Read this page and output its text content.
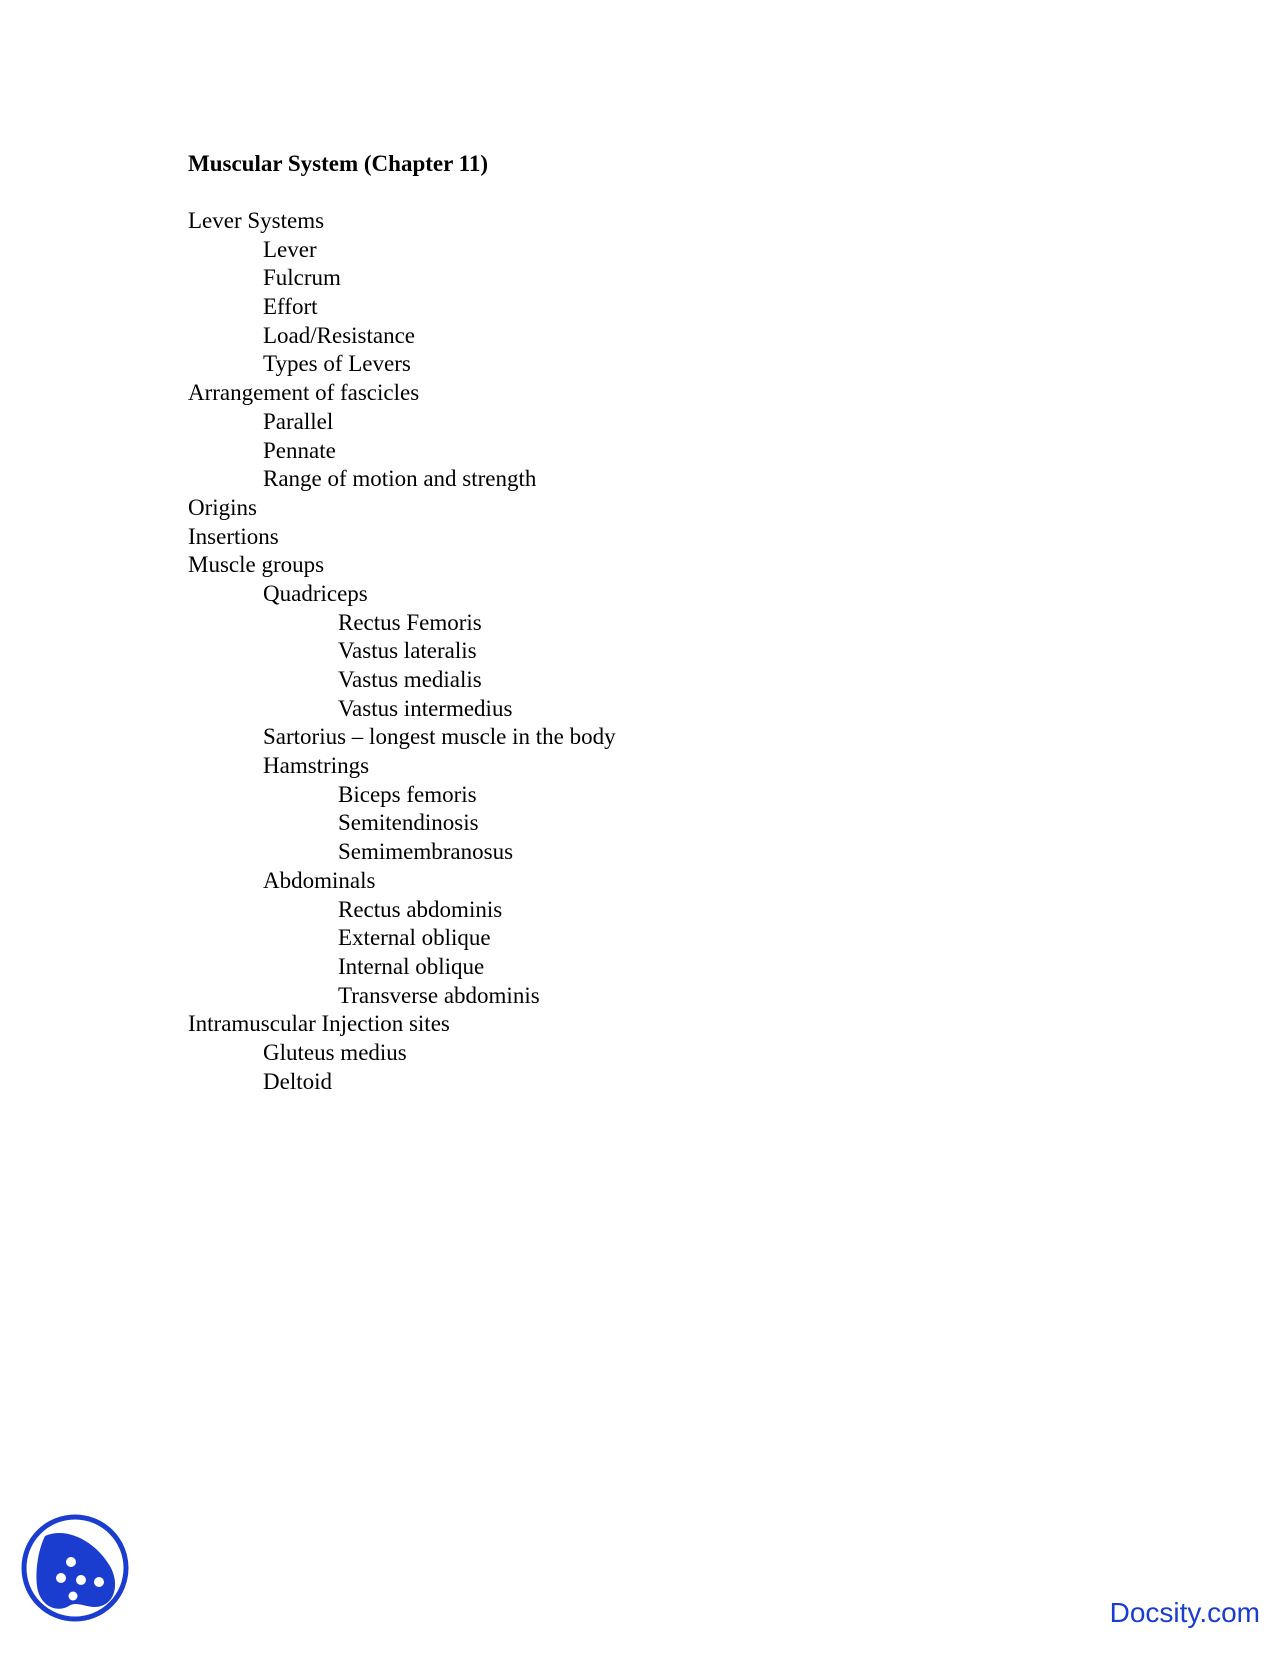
Muscular System (Chapter 11)
Lever Systems
Lever
Fulcrum
Effort
Load/Resistance
Types of Levers
Arrangement of fascicles
Parallel
Pennate
Range of motion and strength
Origins
Insertions
Muscle groups
Quadriceps
Rectus Femoris
Vastus lateralis
Vastus medialis
Vastus intermedius
Sartorius – longest muscle in the body
Hamstrings
Biceps femoris
Semitendinosis
Semimembranosus
Abdominals
Rectus abdominis
External oblique
Internal oblique
Transverse abdominis
Intramuscular Injection sites
Gluteus medius
Deltoid
Docsity.com
